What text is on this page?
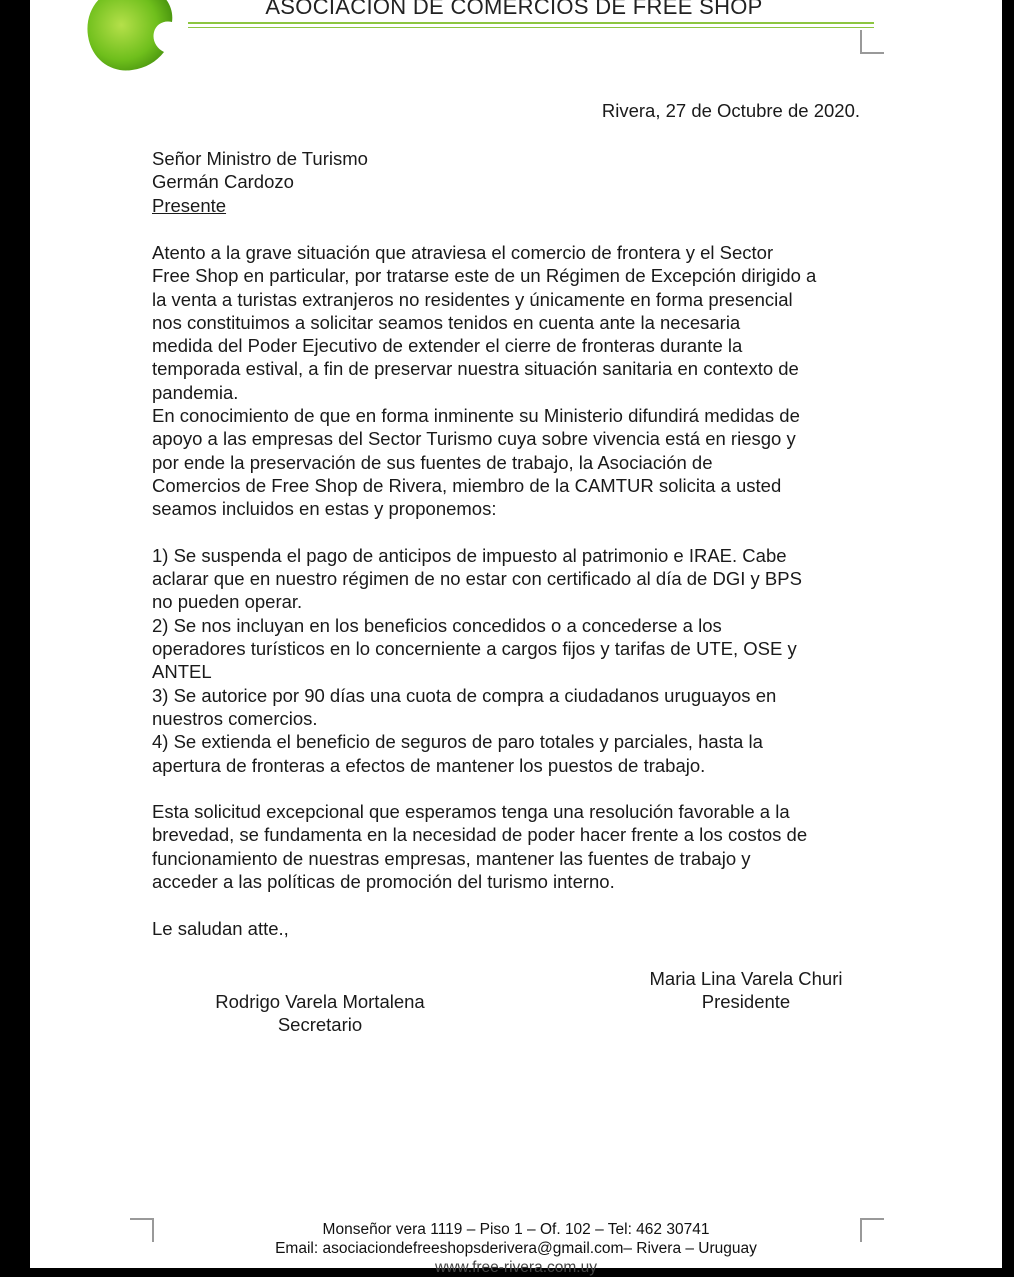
ASOCIACION DE COMERCIOS DE FREE SHOP
Rivera, 27 de Octubre de 2020.
Señor Ministro de Turismo
Germán Cardozo
Presente

Atento a la grave situación que atraviesa el comercio de frontera y el Sector

Free Shop en particular, por tratarse este de un Régimen de Excepción dirigido a

la venta a turistas extranjeros no residentes y únicamente en forma presencial

nos constituimos a solicitar seamos tenidos en cuenta ante la necesaria

medida del Poder Ejecutivo de extender el cierre de fronteras durante la

temporada estival, a fin de preservar nuestra situación sanitaria en contexto de

pandemia.

En conocimiento de que en forma inminente su Ministerio difundirá medidas de

apoyo a las empresas del Sector Turismo cuya sobre vivencia está en riesgo y

por ende la preservación de sus fuentes de trabajo, la Asociación de

Comercios de Free Shop de Rivera, miembro de la CAMTUR solicita a usted

seamos incluidos en estas y proponemos:

1) Se suspenda el pago de anticipos de impuesto al patrimonio e IRAE. Cabe

aclarar que en nuestro régimen de no estar con certificado al día de DGI y BPS

no pueden operar.

2) Se nos incluyan en los beneficios concedidos o a concederse a los

operadores turísticos en lo concerniente a cargos fijos y tarifas de UTE, OSE y

ANTEL

3) Se autorice por 90 días una cuota de compra a ciudadanos uruguayos en

nuestros comercios.

4) Se extienda el beneficio de seguros de paro totales y parciales, hasta la

apertura de fronteras a efectos de mantener los puestos de trabajo.

Esta solicitud excepcional que esperamos tenga una resolución favorable a la

brevedad, se fundamenta en la necesidad de poder hacer frente a los costos de

funcionamiento de nuestras empresas, mantener las fuentes de trabajo y

acceder a las políticas de promoción del turismo interno.

Le saludan atte.,

Rodrigo Varela Mortalena
Secretario
Maria Lina Varela Churi
Presidente
Monseñor vera 1119 – Piso 1 – Of. 102 – Tel: 462 30741
Email: asociaciondefreeshopsderivera@gmail.com– Rivera – Uruguay
www.free-rivera.com.uy
